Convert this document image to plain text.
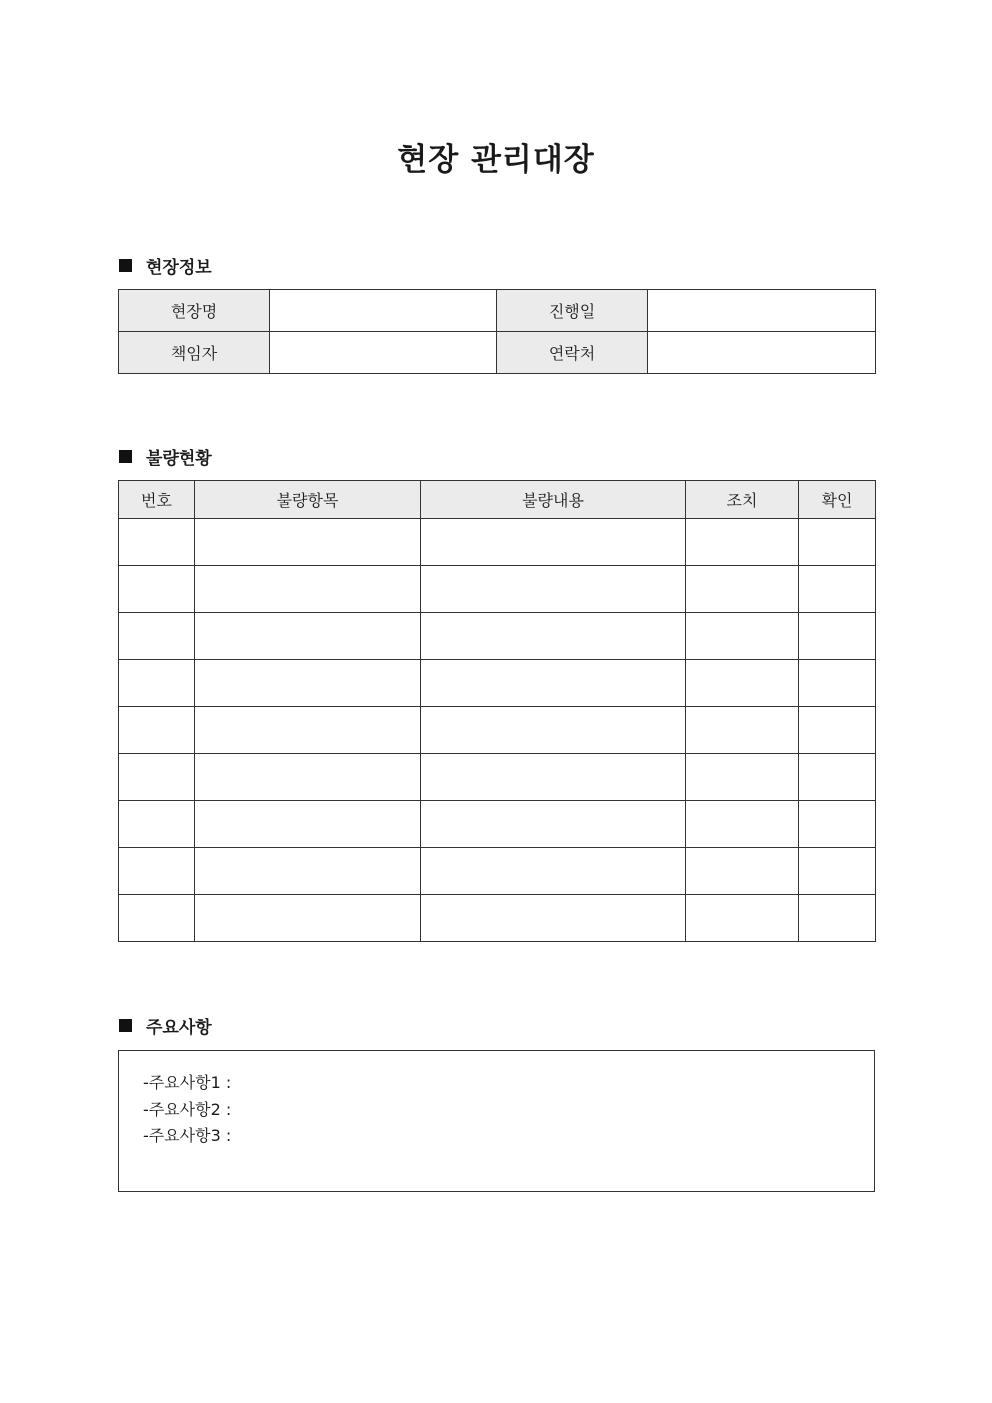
현장 관리대장
현장정보
현장명		진행일	
책임자		연락처	
불량현황
번호	불량항목	불량내용	조치	확인

주요사항
-주요사항1 :
-주요사항2 :
-주요사항3 :
